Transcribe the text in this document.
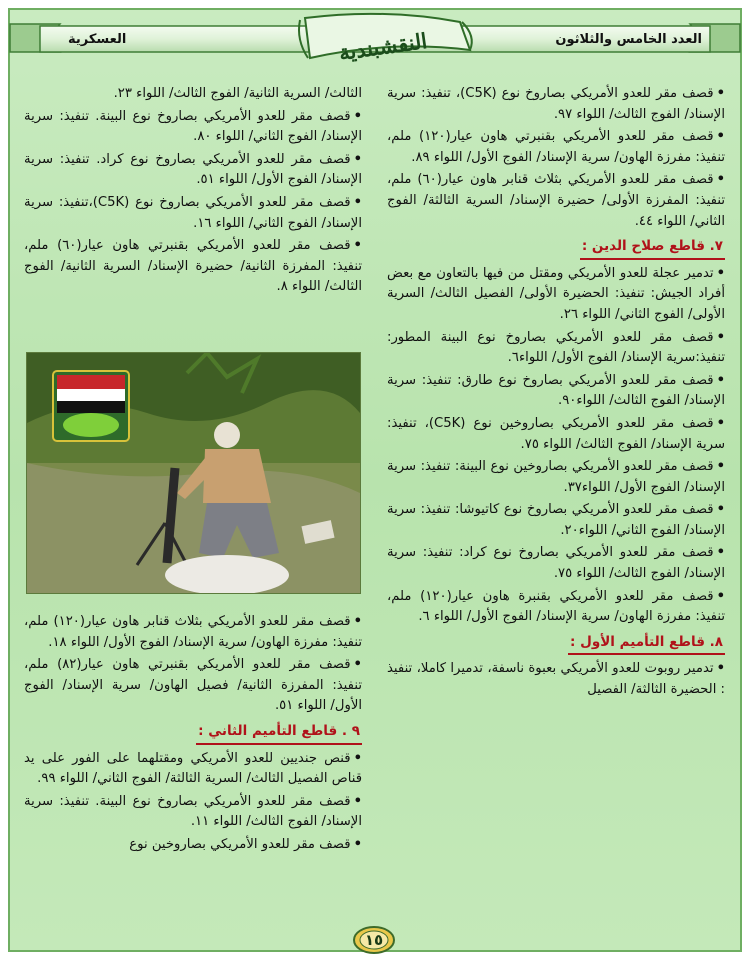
العدد الخامس والثلاثون
النقشبندية
العسكرية
•قصف مقر للعدو الأمريكي بصاروخ نوع (C5K)، تنفيذ: سرية الإسناد/ الفوج الثالث/ اللواء ٩٧.
•قصف مقر للعدو الأمريكي بقنبرتي هاون عيار(١٢٠) ملم، تنفيذ: مفرزة الهاون/ سرية الإسناد/ الفوج الأول/ اللواء ٨٩.
•قصف مقر للعدو الأمريكي بثلاث قنابر هاون عيار(٦٠) ملم، تنفيذ: المفرزة الأولى/ حضيرة الإسناد/ السرية الثالثة/ الفوج الثاني/ اللواء ٤٤.
٧. قاطع صلاح الدين :
•تدمير عجلة للعدو الأمريكي ومقتل من فيها بالتعاون مع بعض أفراد الجيش: تنفيذ: الحضيرة الأولى/ الفصيل الثالث/ السرية الأولى/ الفوج الثاني/ اللواء ٢٦.
•قصف مقر للعدو الأمريكي بصاروخ نوع البينة المطور: تنفيذ:سرية الإسناد/ الفوج الأول/ اللواء٦.
•قصف مقر للعدو الأمريكي بصاروخ نوع طارق: تنفيذ: سرية الإسناد/ الفوج الثالث/ اللواء٩٠.
•قصف مقر للعدو الأمريكي بصاروخين نوع (C5K)، تنفيذ: سرية الإسناد/ الفوج الثالث/ اللواء ٧٥.
•قصف مقر للعدو الأمريكي بصاروخين نوع البينة: تنفيذ: سرية الإسناد/ الفوج الأول/ اللواء٣٧.
•قصف مقر للعدو الأمريكي بصاروخ نوع كاتيوشا: تنفيذ: سرية الإسناد/ الفوج الثاني/ اللواء٢٠.
•قصف مقر للعدو الأمريكي بصاروخ نوع كراد: تنفيذ: سرية الإسناد/ الفوج الثالث/ اللواء ٧٥.
•قصف مقر للعدو الأمريكي بقنبرة هاون عيار(١٢٠) ملم، تنفيذ: مفرزة الهاون/ سرية الإسناد/ الفوج الأول/ اللواء ٦.
٨. قاطع التأميم الأول :
•تدمير روبوت للعدو الأمريكي بعبوة ناسفة، تدميرا كاملا، تنفيذ : الحضيرة الثالثة/ الفصيل
الثالث/ السرية الثانية/ الفوج الثالث/ اللواء ٢٣.
•قصف مقر للعدو الأمريكي بصاروخ نوع البينة. تنفيذ: سرية الإسناد/ الفوج الثاني/ اللواء ٨٠.
•قصف مقر للعدو الأمريكي بصاروخ نوع كراد. تنفيذ: سرية الإسناد/ الفوج الأول/ اللواء ٥١.
•قصف مقر للعدو الأمريكي بصاروخ نوع (C5K)،تنفيذ: سرية الإسناد/ الفوج الثاني/ اللواء ١٦.
•قصف مقر للعدو الأمريكي بقنبرتي هاون عيار(٦٠) ملم، تنفيذ: المفرزة الثانية/ حضيرة الإسناد/ السرية الثانية/ الفوج الثالث/ اللواء ٨.
•قصف مقر للعدو الأمريكي بثلاث قنابر هاون عيار(١٢٠) ملم، تنفيذ: مفرزة الهاون/ سرية الإسناد/ الفوج الأول/ اللواء ١٨.
•قصف مقر للعدو الأمريكي بقنبرتي هاون عيار(٨٢) ملم، تنفيذ: المفرزة الثانية/ فصيل الهاون/ سرية الإسناد/ الفوج الأول/ اللواء ٥١.
٩ . قاطع التأميم الثاني :
•قنص جنديين للعدو الأمريكي ومقتلهما على الفور على يد قناص الفصيل الثالث/ السرية الثالثة/ الفوج الثاني/ اللواء ٩٩.
•قصف مقر للعدو الأمريكي بصاروخ نوع البينة. تنفيذ: سرية الإسناد/ الفوج الثالث/ اللواء ١١.
•قصف مقر للعدو الأمريكي بصاروخين نوع
١٥
